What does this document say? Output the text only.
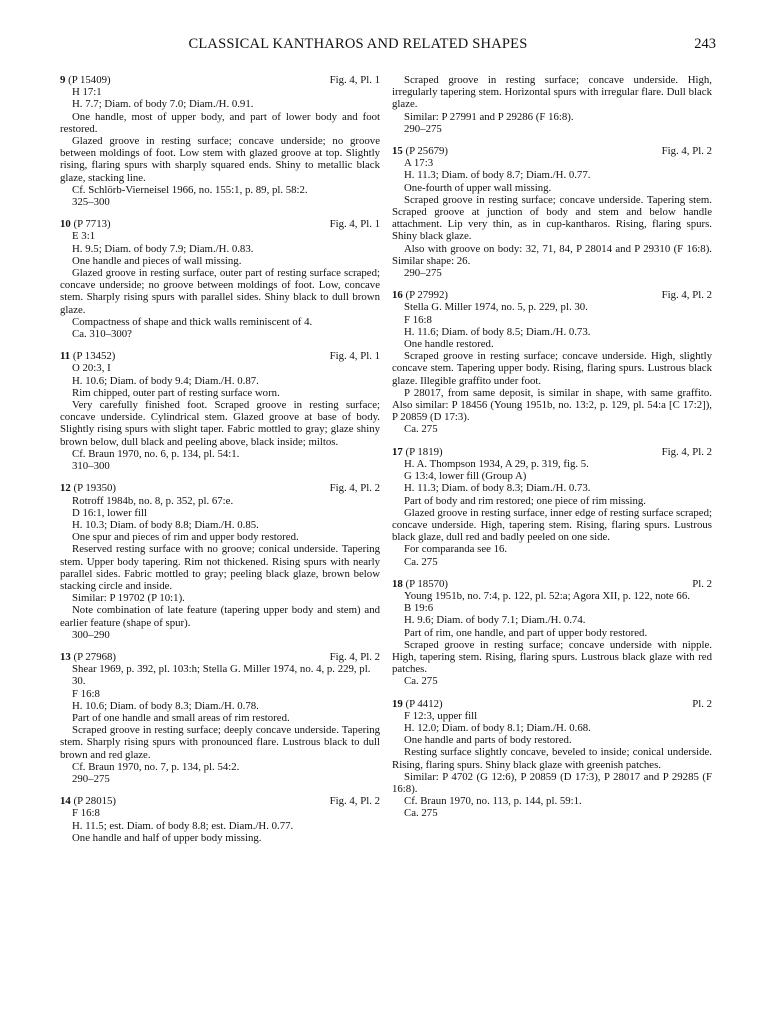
CLASSICAL KANTHAROS AND RELATED SHAPES	243
9 (P 15409)	Fig. 4, Pl. 1

H 17:1

H. 7.7; Diam. of body 7.0; Diam./H. 0.91.

One handle, most of upper body, and part of lower body and foot restored.

Glazed groove in resting surface; concave underside; no groove between moldings of foot. Low stem with glazed groove at top. Slightly rising, flaring spurs with sharply squared ends. Shiny to metallic black glaze, stacking line.

Cf. Schlörb-Vierneisel 1966, no. 155:1, p. 89, pl. 58:2.

325–300

10 (P 7713)	Fig. 4, Pl. 1

E 3:1

H. 9.5; Diam. of body 7.9; Diam./H. 0.83.

One handle and pieces of wall missing.

Glazed groove in resting surface, outer part of resting surface scraped; concave underside; no groove between moldings of foot. Low, concave stem. Sharply rising spurs with parallel sides. Shiny black to dull brown glaze.

Compactness of shape and thick walls reminiscent of 4.

Ca. 310–300?

11 (P 13452)	Fig. 4, Pl. 1

O 20:3, I

H. 10.6; Diam. of body 9.4; Diam./H. 0.87.

Rim chipped, outer part of resting surface worn.

Very carefully finished foot. Scraped groove in resting surface; concave underside. Cylindrical stem. Glazed groove at base of body. Slightly rising spurs with slight taper. Fabric mottled to gray; glaze shiny brown below, dull black and peeling above, black inside; miltos.

Cf. Braun 1970, no. 6, p. 134, pl. 54:1.

310–300

12 (P 19350)	Fig. 4, Pl. 2

Rotroff 1984b, no. 8, p. 352, pl. 67:e.

D 16:1, lower fill

H. 10.3; Diam. of body 8.8; Diam./H. 0.85.

One spur and pieces of rim and upper body restored.

Reserved resting surface with no groove; conical underside. Tapering stem. Upper body tapering. Rim not thickened. Rising spurs with nearly parallel sides. Fabric mottled to gray; peeling black glaze, brown below stacking circle and inside.

Similar: P 19702 (P 10:1).

Note combination of late feature (tapering upper body and stem) and earlier feature (shape of spur).

300–290

13 (P 27968)	Fig. 4, Pl. 2

Shear 1969, p. 392, pl. 103:h; Stella G. Miller 1974, no. 4, p. 229, pl. 30.

F 16:8

H. 10.6; Diam. of body 8.3; Diam./H. 0.78.

Part of one handle and small areas of rim restored.

Scraped groove in resting surface; deeply concave underside. Tapering stem. Sharply rising spurs with pronounced flare. Lustrous black to dull brown and red glaze.

Cf. Braun 1970, no. 7, p. 134, pl. 54:2.

290–275

14 (P 28015)	Fig. 4, Pl. 2

F 16:8

H. 11.5; est. Diam. of body 8.8; est. Diam./H. 0.77.

One handle and half of upper body missing.

Scraped groove in resting surface; concave underside. High, irregularly tapering stem. Horizontal spurs with irregular flare. Dull black glaze.

Similar: P 27991 and P 29286 (F 16:8).

290–275

15 (P 25679)	Fig. 4, Pl. 2

A 17:3

H. 11.3; Diam. of body 8.7; Diam./H. 0.77.

One-fourth of upper wall missing.

Scraped groove in resting surface; concave underside. Tapering stem. Scraped groove at junction of body and stem and below handle attachment. Lip very thin, as in cup-kantharos. Rising, flaring spurs. Shiny black glaze.

Also with groove on body: 32, 71, 84, P 28014 and P 29310 (F 16:8). Similar shape: 26.

290–275

16 (P 27992)	Fig. 4, Pl. 2

Stella G. Miller 1974, no. 5, p. 229, pl. 30.

F 16:8

H. 11.6; Diam. of body 8.5; Diam./H. 0.73.

One handle restored.

Scraped groove in resting surface; concave underside. High, slightly concave stem. Tapering upper body. Rising, flaring spurs. Lustrous black glaze. Illegible graffito under foot.

P 28017, from same deposit, is similar in shape, with same graffito. Also similar: P 18456 (Young 1951b, no. 13:2, p. 129, pl. 54:a [C 17:2]), P 20859 (D 17:3).

Ca. 275

17 (P 1819)	Fig. 4, Pl. 2

H. A. Thompson 1934, A 29, p. 319, fig. 5.

G 13:4, lower fill (Group A)

H. 11.3; Diam. of body 8.3; Diam./H. 0.73.

Part of body and rim restored; one piece of rim missing.

Glazed groove in resting surface, inner edge of resting surface scraped; concave underside. High, tapering stem. Rising, flaring spurs. Lustrous black glaze, dull red and badly peeled on one side.

For comparanda see 16.

Ca. 275

18 (P 18570)	Pl. 2

Young 1951b, no. 7:4, p. 122, pl. 52:a; Agora XII, p. 122, note 66.

B 19:6

H. 9.6; Diam. of body 7.1; Diam./H. 0.74.

Part of rim, one handle, and part of upper body restored.

Scraped groove in resting surface; concave underside with nipple. High, tapering stem. Rising, flaring spurs. Lustrous black glaze with red patches.

Ca. 275

19 (P 4412)	Pl. 2

F 12:3, upper fill

H. 12.0; Diam. of body 8.1; Diam./H. 0.68.

One handle and parts of body restored.

Resting surface slightly concave, beveled to inside; conical underside. Rising, flaring spurs. Shiny black glaze with greenish patches.

Similar: P 4702 (G 12:6), P 20859 (D 17:3), P 28017 and P 29285 (F 16:8).

Cf. Braun 1970, no. 113, p. 144, pl. 59:1.

Ca. 275
